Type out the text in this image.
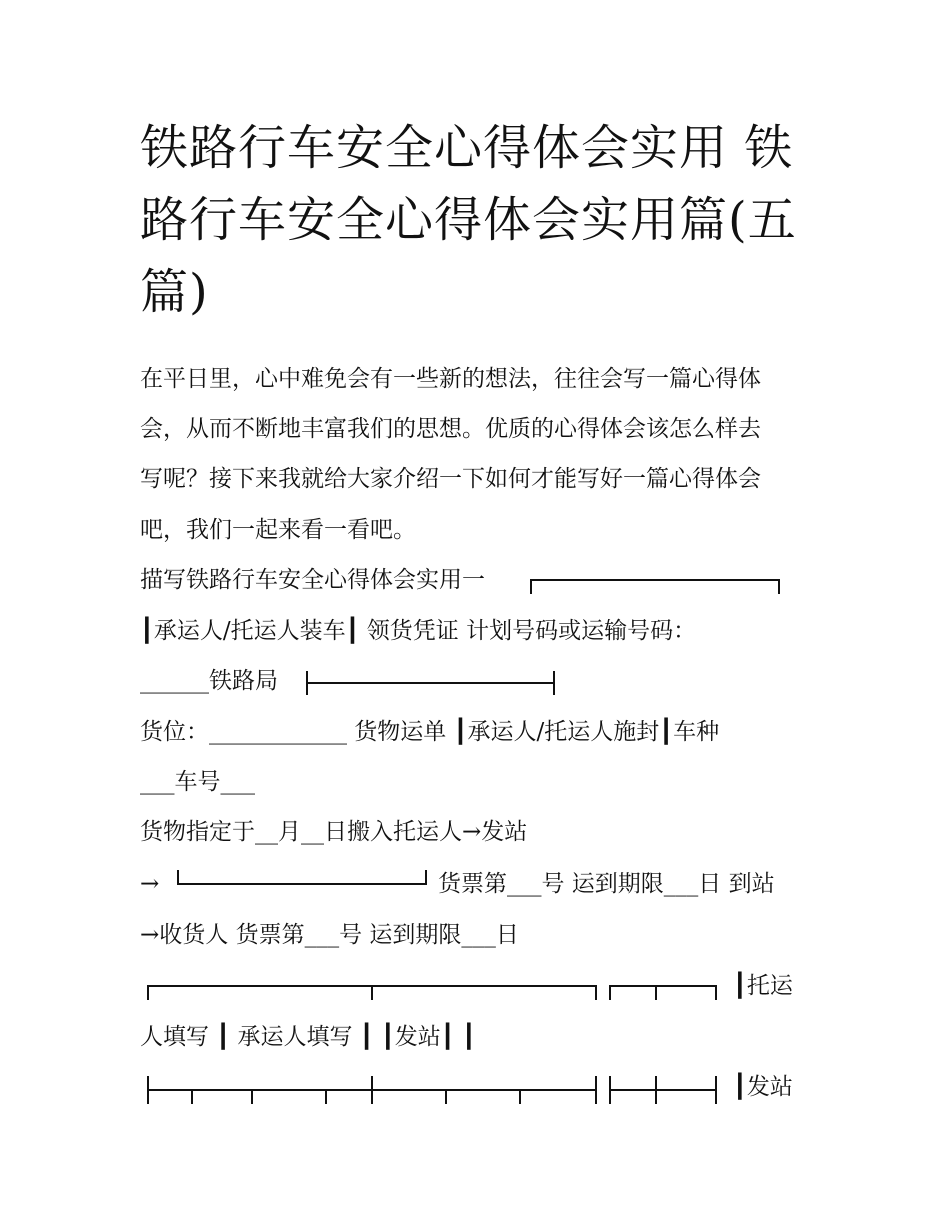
铁路行车安全心得体会实用 铁路行车安全心得体会实用篇(五篇)
在平日里，心中难免会有一些新的想法，往往会写一篇心得体
会，从而不断地丰富我们的思想。优质的心得体会该怎么样去
写呢？接下来我就给大家介绍一下如何才能写好一篇心得体会
吧，我们一起来看一看吧。
描写铁路行车安全心得体会实用一
┃承运人/托运人装车┃ 领货凭证 计划号码或运输号码：
______铁路局
货位：____________ 货物运单 ┃承运人/托运人施封┃车种
___车号___
货物指定于__月__日搬入托运人→发站
→	货票第___号 运到期限___日 到站
→收货人 货票第___号 运到期限___日
┃托运
人填写 ┃ 承运人填写 ┃ ┃发站┃ ┃
┃发站
